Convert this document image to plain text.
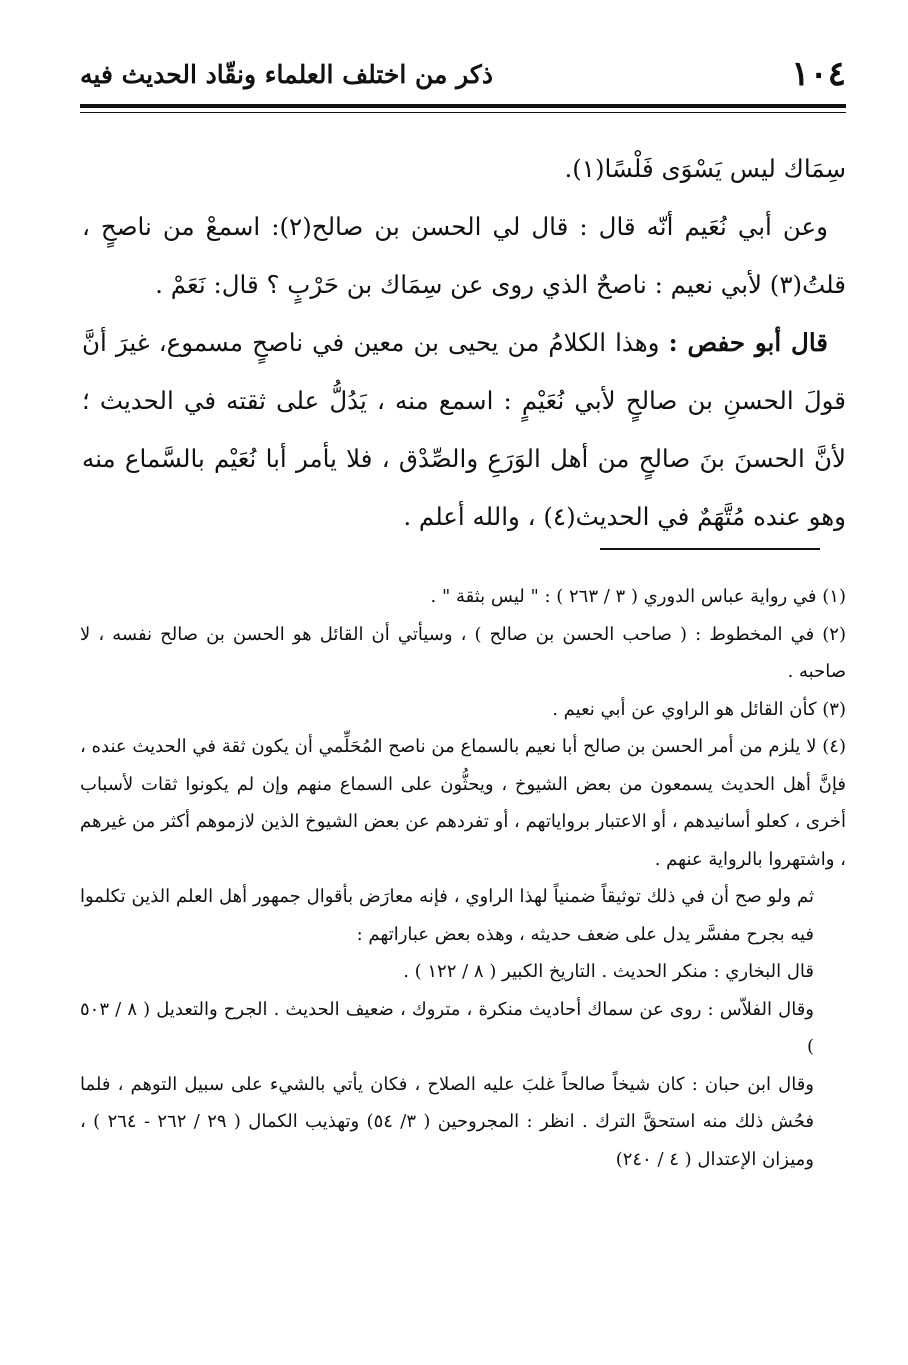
١٠٤
ذكر من اختلف العلماء ونقّاد الحديث فيه

سِمَاك ليس يَسْوَى فَلْسًا(١).

وعن أبي نُعَيم أنّه قال : قال لي الحسن بن صالح(٢): اسمعْ من ناصحٍ ، قلتُ(٣) لأبي نعيم : ناصحٌ الذي روى عن سِمَاك بن حَرْبٍ ؟ قال: نَعَمْ .

قال أبو حفص : وهذا الكلامُ من يحيى بن معين في ناصحٍ مسموع، غيرَ أنَّ قولَ الحسنِ بن صالحٍ لأبي نُعَيْمٍ : اسمع منه ، يَدُلُّ على ثقته في الحديث ؛ لأنَّ الحسنَ بنَ صالحٍ من أهل الوَرَعِ والصِّدْق ، فلا يأمر أبا نُعَيْم بالسَّماع منه وهو عنده مُتَّهَمٌ في الحديث(٤) ، والله أعلم .

(١) في رواية عباس الدوري ( ٣ / ٢٦٣ ) : " ليس بثقة " .

(٢) في المخطوط : ( صاحب الحسن بن صالح ) ، وسيأتي أن القائل هو الحسن بن صالح نفسه ، لا صاحبه .

(٣) كأن القائل هو الراوي عن أبي نعيم .

(٤) لا يلزم من أمر الحسن بن صالح أبا نعيم بالسماع من ناصح المُحَلِّمي أن يكون ثقة في الحديث عنده ، فإنَّ أهل الحديث يسمعون من بعض الشيوخ ، ويحثُّون على السماع منهم وإن لم يكونوا ثقات لأسباب أخرى ، كعلو أسانيدهم ، أو الاعتبار برواياتهم ، أو تفردهم عن بعض الشيوخ الذين لازموهم أكثر من غيرهم ، واشتهروا بالرواية عنهم .

ثم ولو صح أن في ذلك توثيقاً ضمنياً لهذا الراوي ، فإنه معارَض بأقوال جمهور أهل العلم الذين تكلموا فيه بجرح مفسَّر يدل على ضعف حديثه ، وهذه بعض عباراتهم :

قال البخاري : منكر الحديث . التاريخ الكبير ( ٨ / ١٢٢ ) .

وقال الفلاّس : روى عن سماك أحاديث منكرة ، متروك ، ضعيف الحديث . الجرح والتعديل ( ٨ / ٥٠٣ )

وقال ابن حبان : كان شيخاً صالحاً غلبَ عليه الصلاح ، فكان يأتي بالشيء على سبيل التوهم ، فلما فحُش ذلك منه استحقَّ الترك . انظر : المجروحين ( ٣/ ٥٤) وتهذيب الكمال ( ٢٩ / ٢٦٢ - ٢٦٤ ) ، وميزان الإعتدال ( ٤ / ٢٤٠)
